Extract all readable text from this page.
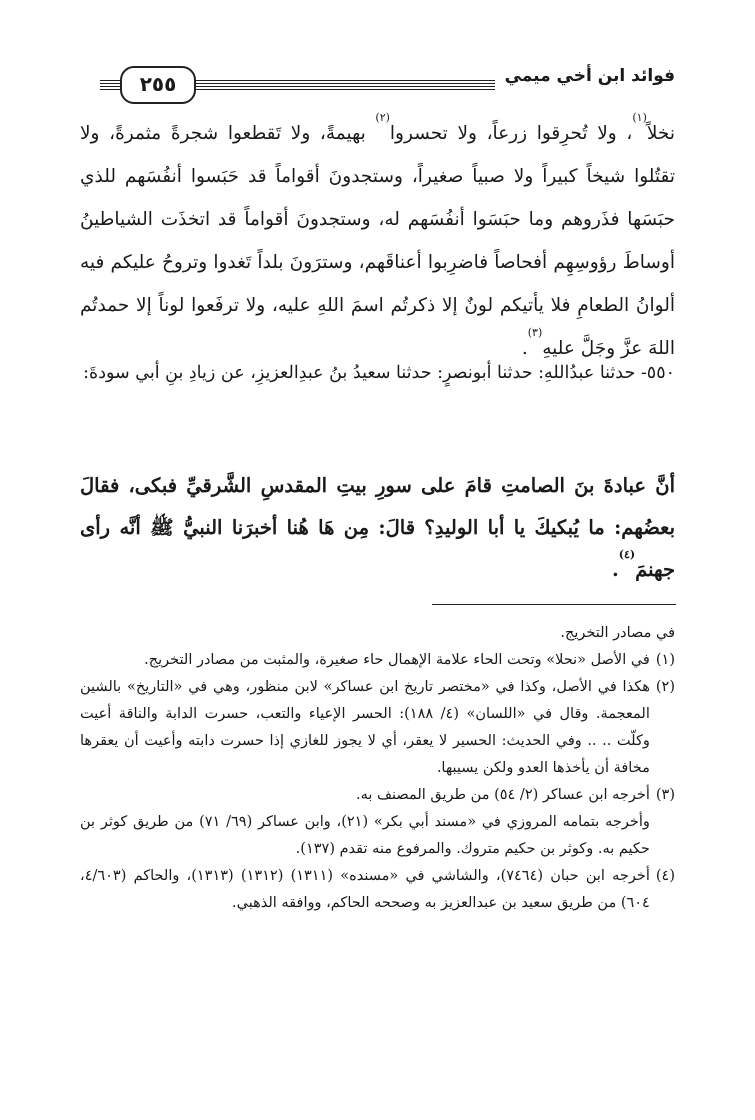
فوائد ابن أخي ميمي
٢٥٥

نخلاً$^{(١)}$، ولا تُحرِقوا زرعاً، ولا تحسروا$^{(٢)}$ بهيمةً، ولا تَقطعوا شجرةً مثمرةً، ولا تقتُلوا شيخاً كبيراً ولا صبياً صغيراً، وستجدونَ أقواماً قد حَبَسوا أنفُسَهم للذي حبَسَها فذَروهم وما حبَسَوا أنفُسَهم له، وستجدونَ أقواماً قد اتخذَت الشياطينُ أوساطَ رؤوسِهِم أفحاصاً فاضرِبوا أعناقَهم، وسترَونَ بلداً تَغدوا وتروحُ عليكم فيه ألوانُ الطعامِ فلا يأتيكم لونٌ إلا ذكرتُم اسمَ اللهِ عليه، ولا ترفَعوا لوناً إلا حمدتُم اللهَ عزَّ وجَلَّ عليهِ$^{(٣)}$.

٥٥٠- حدثنا عبدُاللهِ: حدثنا أبونصرٍ: حدثنا سعيدُ بنُ عبدِالعزيزِ، عن زيادِ بنِ أبي سودةَ:
أنَّ عبادةَ بنَ الصامتِ قامَ على سورِ بيتِ المقدسِ الشَّرقيِّ فبكى، فقالَ بعضُهم: ما يُبكيكَ يا أبا الوليدِ؟ قالَ: مِن هَا هُنا أخبرَنا النبيُّ ﷺ أنَّه رأى جهنمَ$^{(٤)}$.

في مصادر التخريج.

(١)
في الأصل «نحلا» وتحت الحاء علامة الإهمال حاء صغيرة، والمثبت من مصادر التخريج.
(٢)
هكذا في الأصل، وكذا في «مختصر تاريخ ابن عساكر» لابن منظور، وهي في «التاريخ» بالشين المعجمة. وقال في «اللسان» (٤/ ١٨٨): الحسر الإعياء والتعب، حسرت الدابة والناقة أعيت وكلّت .. .. وفي الحديث: الحسير لا يعقر، أي لا يجوز للغازي إذا حسرت دابته وأعيت أن يعقرها مخافة أن يأخذها العدو ولكن يسيبها.
(٣)
أخرجه ابن عساكر (٢/ ٥٤) من طريق المصنف به.
وأخرجه بتمامه المروزي في «مسند أبي بكر» (٢١)، وابن عساكر (٦٩/ ٧١) من طريق كوثر بن حكيم به. وكوثر بن حكيم متروك. والمرفوع منه تقدم (١٣٧).
(٤)
أخرجه ابن حبان (٧٤٦٤)، والشاشي في «مسنده» (١٣١١) (١٣١٢) (١٣١٣)، والحاكم (٤/٦٠٣، ٦٠٤) من طريق سعيد بن عبدالعزيز به وصححه الحاكم، ووافقه الذهبي.
